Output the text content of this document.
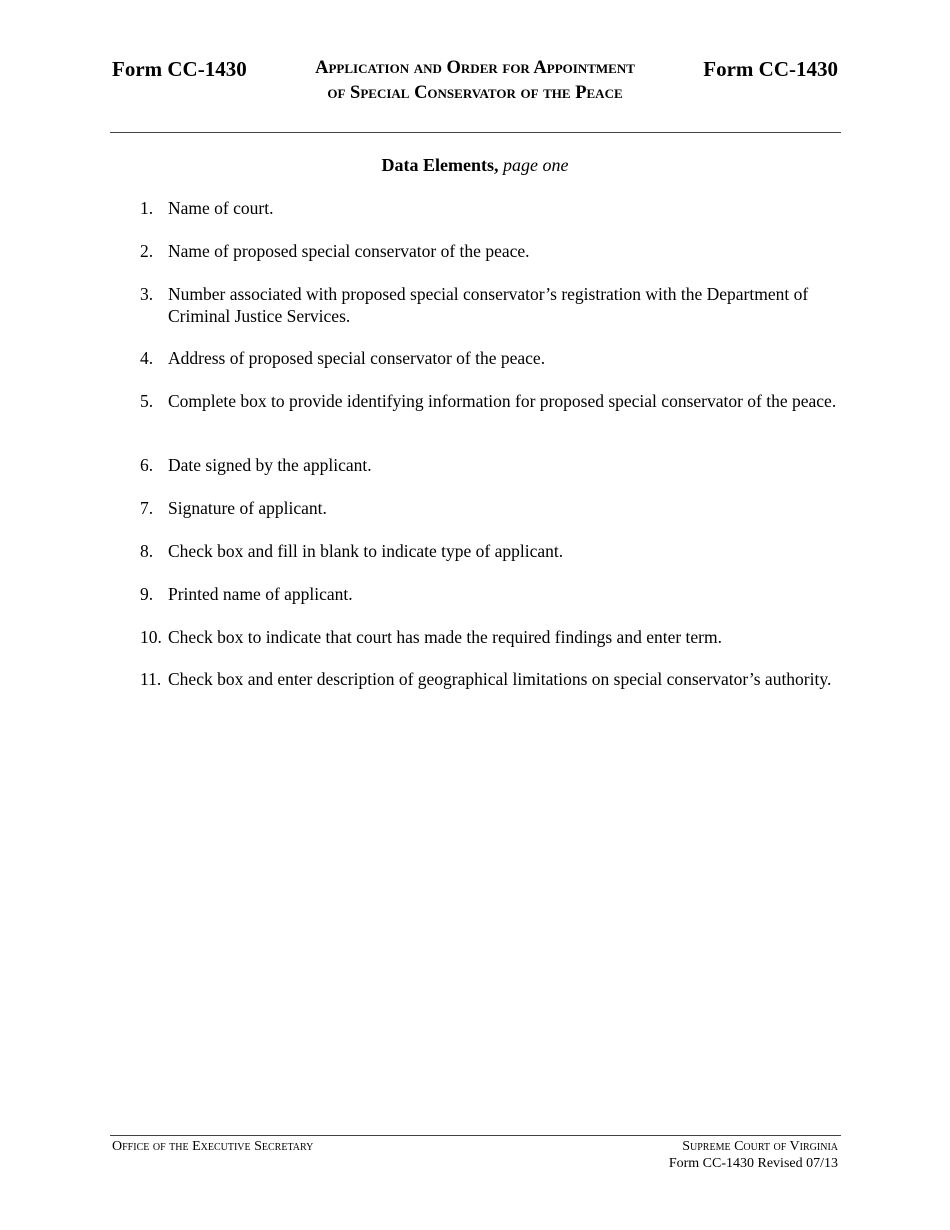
Form CC-1430	Application and Order for Appointment
of Special Conservator of the Peace
Form CC-1430
Data Elements, page one
1. Name of court.
2. Name of proposed special conservator of the peace.
3. Number associated with proposed special conservator’s registration with the Department of Criminal Justice Services.
4. Address of proposed special conservator of the peace.
5. Complete box to provide identifying information for proposed special conservator of the peace.
6. Date signed by the applicant.
7. Signature of applicant.
8. Check box and fill in blank to indicate type of applicant.
9. Printed name of applicant.
10. Check box to indicate that court has made the required findings and enter term.
11. Check box and enter description of geographical limitations on special conservator’s authority.
Office of the Executive Secretary	Supreme Court of Virginia
Form CC-1430 Revised 07/13
